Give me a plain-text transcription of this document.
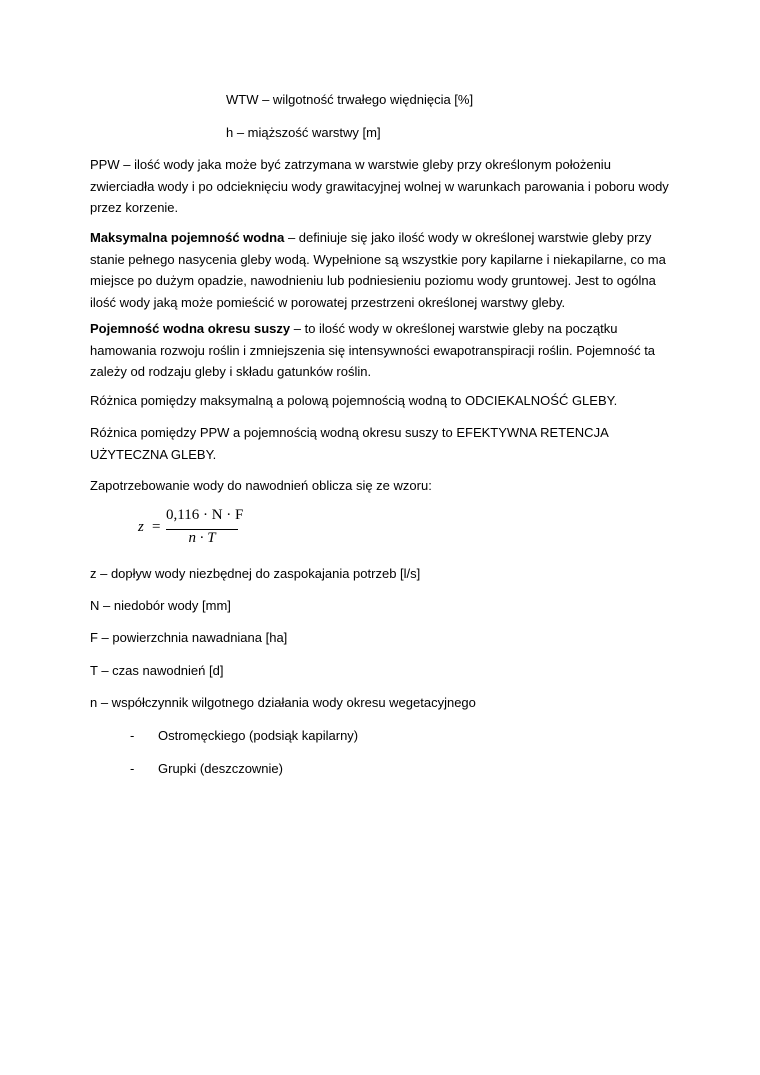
WTW – wilgotność trwałego więdnięcia [%]

h – miąższość warstwy [m]

PPW – ilość wody jaka może być zatrzymana w warstwie gleby przy określonym położeniu zwierciadła wody i po odcieknięciu wody grawitacyjnej wolnej w warunkach parowania i poboru wody przez korzenie.

Maksymalna pojemność wodna – definiuje się jako ilość wody w określonej warstwie gleby przy stanie pełnego nasycenia gleby wodą. Wypełnione są wszystkie pory kapilarne i niekapilarne, co ma miejsce po dużym opadzie, nawodnieniu lub podniesieniu poziomu wody gruntowej. Jest to ogólna ilość wody jaką może pomieścić w porowatej przestrzeni określonej warstwy gleby.

Pojemność wodna okresu suszy – to ilość wody w określonej warstwie gleby na początku hamowania rozwoju roślin i zmniejszenia się intensywności ewapotranspiracji roślin. Pojemność ta zależy od rodzaju gleby i składu gatunków roślin.

Różnica pomiędzy maksymalną a polową pojemnością wodną to ODCIEKALNOŚĆ GLEBY.

Różnica pomiędzy PPW a pojemnością wodną okresu suszy to EFEKTYWNA RETENCJA UŻYTECZNA GLEBY.

Zapotrzebowanie wody do nawodnień oblicza się ze wzoru:

z =
0,116 · N · F
n · T

z – dopływ wody niezbędnej do zaspokajania potrzeb [l/s]

N – niedobór wody [mm]

F – powierzchnia nawadniana [ha]

T – czas nawodnień [d]

n – współczynnik wilgotnego działania wody okresu wegetacyjnego

- Ostromęckiego (podsiąk kapilarny)
- Grupki (deszczownie)
